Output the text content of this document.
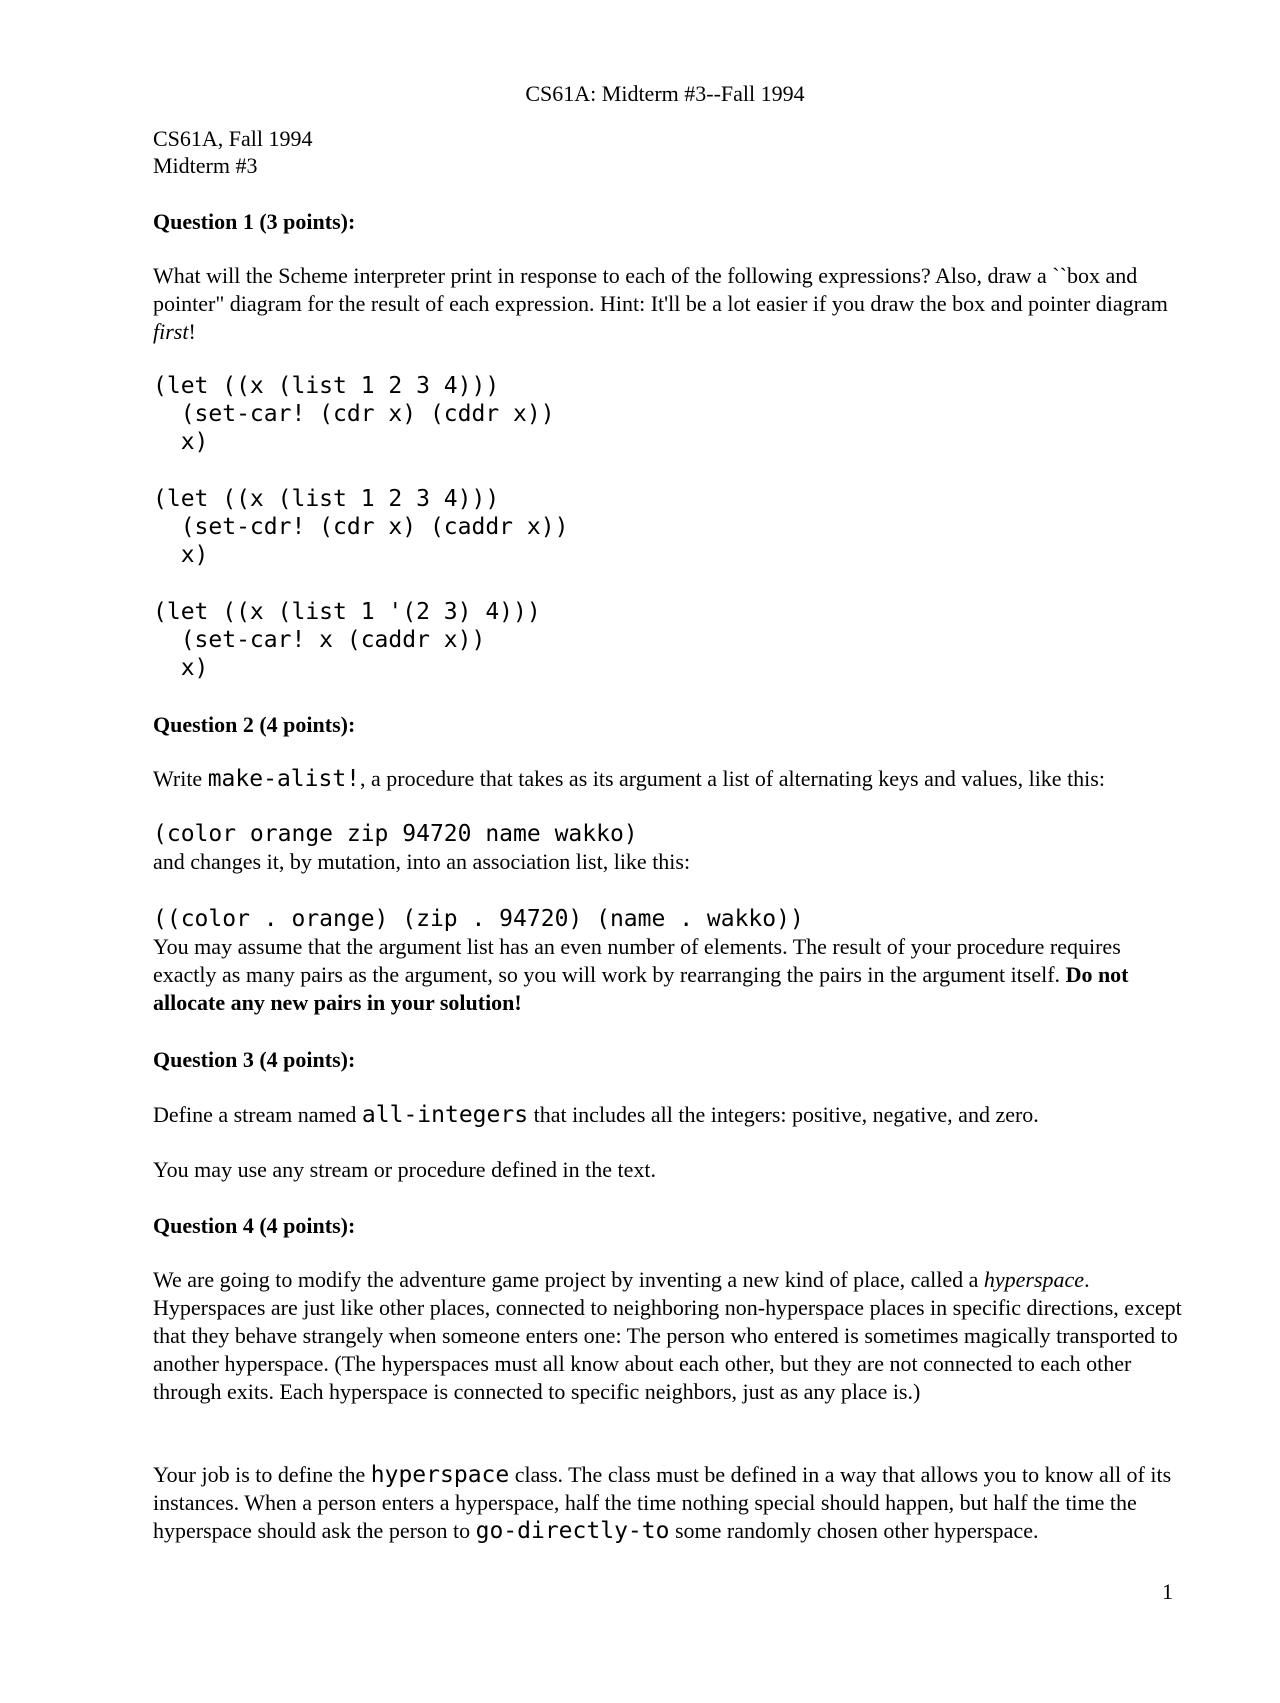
CS61A: Midterm #3--Fall 1994
CS61A, Fall 1994
Midterm #3
Question 1 (3 points):

What will the Scheme interpreter print in response to each of the following expressions? Also, draw a ``box and pointer" diagram for the result of each expression. Hint: It'll be a lot easier if you draw the box and pointer diagram first!

(let ((x (list 1 2 3 4)))
(set-car! (cdr x) (cddr x))
x)
(let ((x (list 1 2 3 4)))
(set-cdr! (cdr x) (caddr x))
x)
(let ((x (list 1 '(2 3) 4)))
(set-car! x (caddr x))
x)
Question 2 (4 points):

Write make-alist!, a procedure that takes as its argument a list of alternating keys and values, like this:

(color orange zip 94720 name wakko)

and changes it, by mutation, into an association list, like this:

((color . orange) (zip . 94720) (name . wakko))

You may assume that the argument list has an even number of elements. The result of your procedure requires exactly as many pairs as the argument, so you will work by rearranging the pairs in the argument itself. Do not allocate any new pairs in your solution!

Question 3 (4 points):

Define a stream named all-integers that includes all the integers: positive, negative, and zero.

You may use any stream or procedure defined in the text.

Question 4 (4 points):

We are going to modify the adventure game project by inventing a new kind of place, called a hyperspace. Hyperspaces are just like other places, connected to neighboring non-hyperspace places in specific directions, except that they behave strangely when someone enters one: The person who entered is sometimes magically transported to another hyperspace. (The hyperspaces must all know about each other, but they are not connected to each other through exits. Each hyperspace is connected to specific neighbors, just as any place is.)

Your job is to define the hyperspace class. The class must be defined in a way that allows you to know all of its instances. When a person enters a hyperspace, half the time nothing special should happen, but half the time the hyperspace should ask the person to go-directly-to some randomly chosen other hyperspace.

1
